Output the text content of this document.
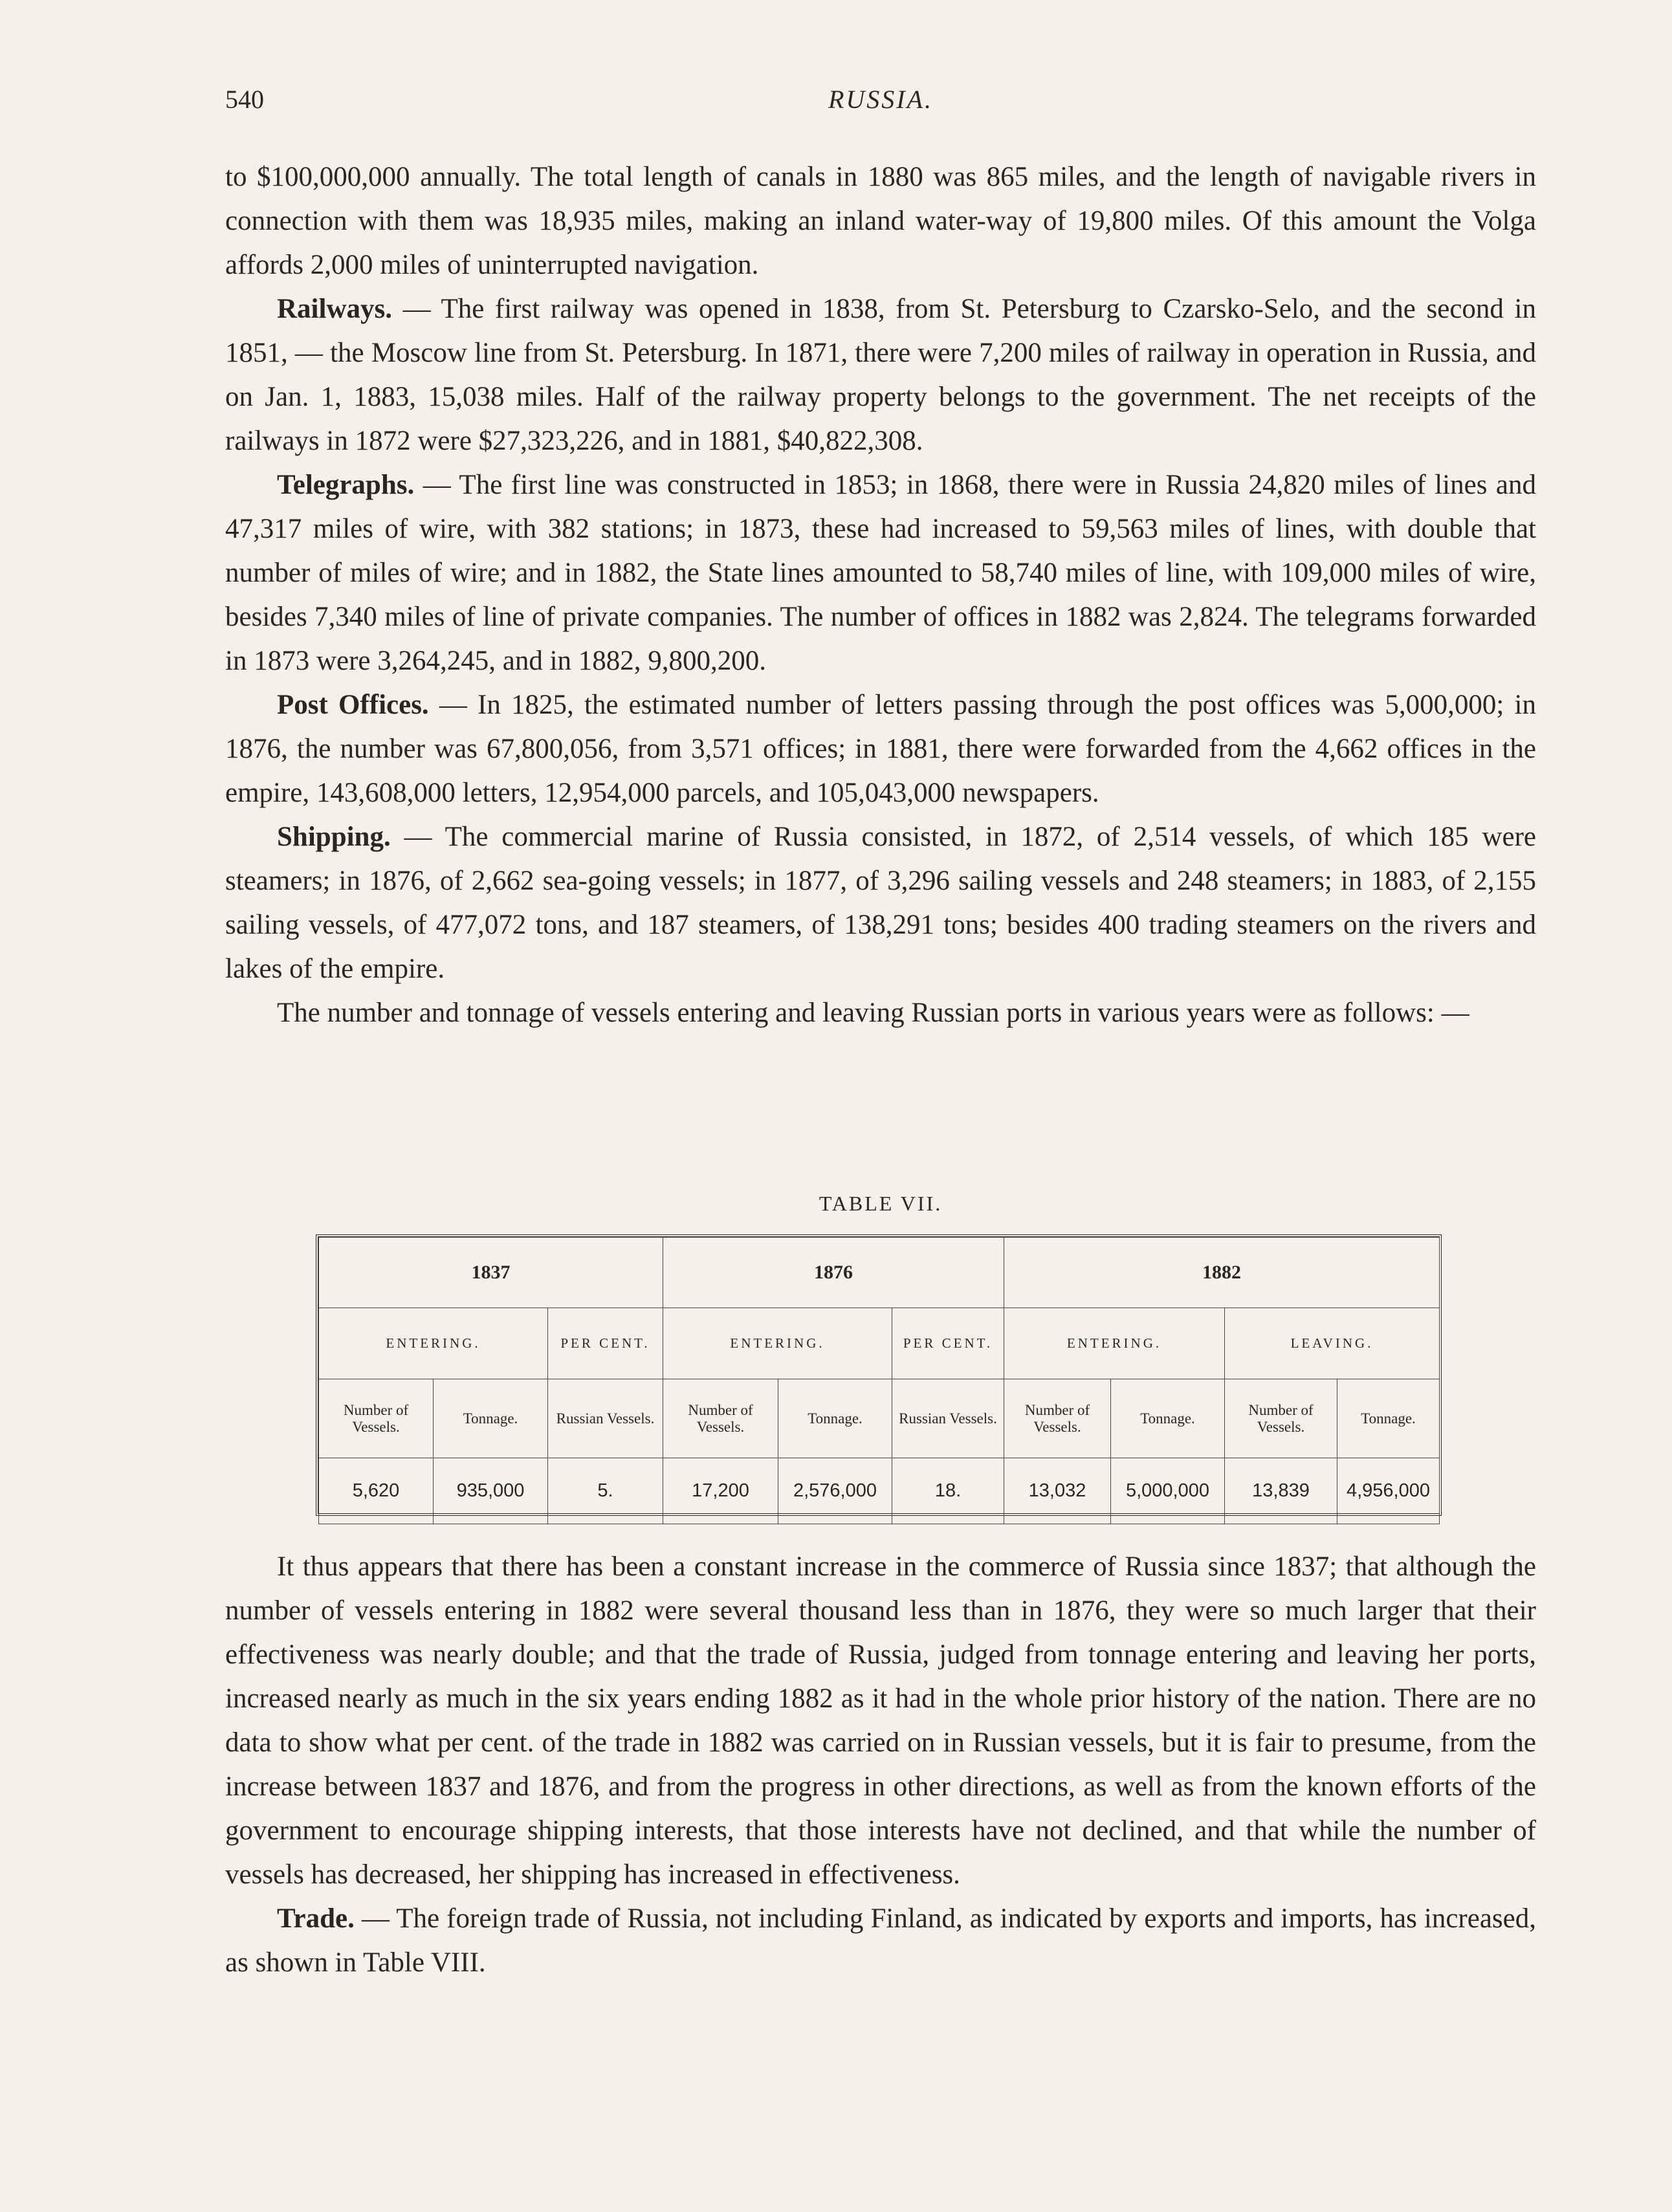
540	RUSSIA.

to $100,000,000 annually. The total length of canals in 1880 was 865 miles, and the length of navigable rivers in connection with them was 18,935 miles, making an inland water-way of 19,800 miles. Of this amount the Volga affords 2,000 miles of uninterrupted navigation.

Railways. — The first railway was opened in 1838, from St. Petersburg to Czarsko-Selo, and the second in 1851, — the Moscow line from St. Petersburg. In 1871, there were 7,200 miles of railway in operation in Russia, and on Jan. 1, 1883, 15,038 miles. Half of the railway property belongs to the government. The net receipts of the railways in 1872 were $27,323,226, and in 1881, $40,822,308.

Telegraphs. — The first line was constructed in 1853; in 1868, there were in Russia 24,820 miles of lines and 47,317 miles of wire, with 382 stations; in 1873, these had increased to 59,563 miles of lines, with double that number of miles of wire; and in 1882, the State lines amounted to 58,740 miles of line, with 109,000 miles of wire, besides 7,340 miles of line of private companies. The number of offices in 1882 was 2,824. The telegrams forwarded in 1873 were 3,264,245, and in 1882, 9,800,200.

Post Offices. — In 1825, the estimated number of letters passing through the post offices was 5,000,000; in 1876, the number was 67,800,056, from 3,571 offices; in 1881, there were forwarded from the 4,662 offices in the empire, 143,608,000 letters, 12,954,000 parcels, and 105,043,000 newspapers.

Shipping. — The commercial marine of Russia consisted, in 1872, of 2,514 vessels, of which 185 were steamers; in 1876, of 2,662 sea-going vessels; in 1877, of 3,296 sailing vessels and 248 steamers; in 1883, of 2,155 sailing vessels, of 477,072 tons, and 187 steamers, of 138,291 tons; besides 400 trading steamers on the rivers and lakes of the empire.

The number and tonnage of vessels entering and leaving Russian ports in various years were as follows: —

TABLE VII.
1837			1876			1882			
ENTERING.		PER CENT.	ENTERING.		PER CENT.	ENTERING.		LEAVING.	
Number of Vessels.	Tonnage.	Russian Vessels.	Number of Vessels.	Tonnage.	Russian Vessels.	Number of Vessels.	Tonnage.	Number of Vessels.	Tonnage.
5,620	935,000	5.	17,200	2,576,000	18.	13,032	5,000,000	13,839	4,956,000

It thus appears that there has been a constant increase in the commerce of Russia since 1837; that although the number of vessels entering in 1882 were several thousand less than in 1876, they were so much larger that their effectiveness was nearly double; and that the trade of Russia, judged from tonnage entering and leaving her ports, increased nearly as much in the six years ending 1882 as it had in the whole prior history of the nation. There are no data to show what per cent. of the trade in 1882 was carried on in Russian vessels, but it is fair to presume, from the increase between 1837 and 1876, and from the progress in other directions, as well as from the known efforts of the government to encourage shipping interests, that those interests have not declined, and that while the number of vessels has decreased, her shipping has increased in effectiveness.

Trade. — The foreign trade of Russia, not including Finland, as indicated by exports and imports, has increased, as shown in Table VIII.
